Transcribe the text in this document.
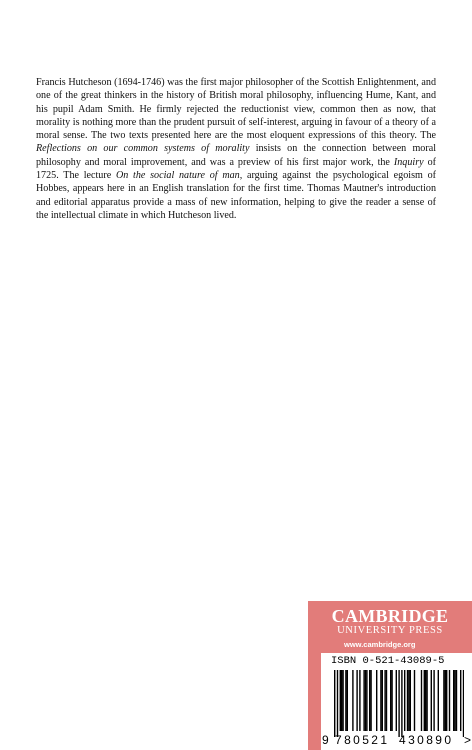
Francis Hutcheson (1694-1746) was the first major philosopher of the Scottish Enlightenment, and one of the great thinkers in the history of British moral philosophy, influencing Hume, Kant, and his pupil Adam Smith. He firmly rejected the reductionist view, common then as now, that morality is nothing more than the prudent pursuit of self-interest, arguing in favour of a theory of a moral sense. The two texts presented here are the most eloquent expressions of this theory. The Reflections on our common systems of morality insists on the connection between moral philosophy and moral improvement, and was a preview of his first major work, the Inquiry of 1725. The lecture On the social nature of man, arguing against the psychological egoism of Hobbes, appears here in an English translation for the first time. Thomas Mautner's introduction and editorial apparatus provide a mass of new information, helping to give the reader a sense of the intellectual climate in which Hutcheson lived.

CAMBRIDGE
UNIVERSITY PRESS
www.cambridge.org
ISBN 0-521-43089-5
9 780521 430890 >
